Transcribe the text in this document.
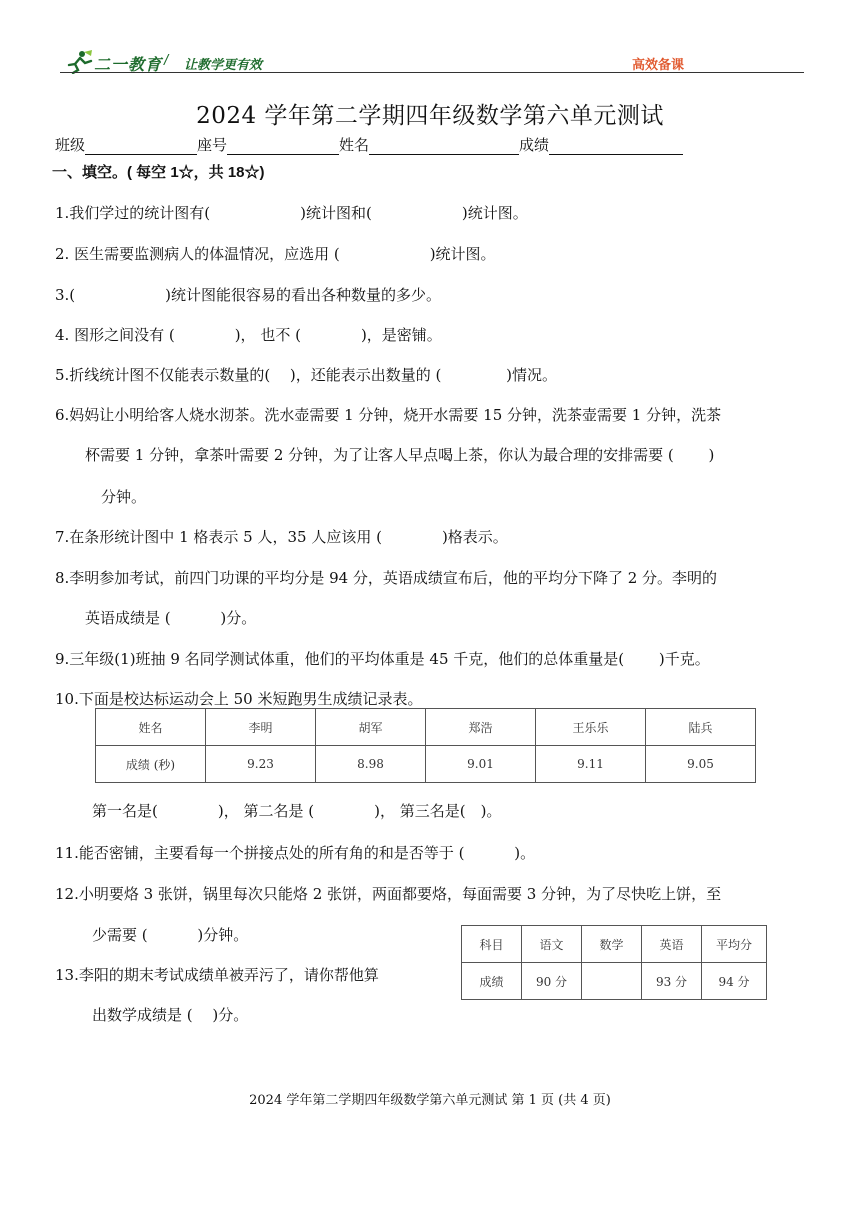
二一教育 / 让教学更有效	高效备课
2024 学年第二学期四年级数学第六单元测试
班级	座号	姓名	成绩
一、填空。( 每空 1☆，共 18☆)
1.我们学过的统计图有(　　　　　　)统计图和(　　　　　　)统计图。
2. 医生需要监测病人的体温情况，应选用 (　　　　　　)统计图。
3.(　　　　　　)统计图能很容易的看出各种数量的多少。
4. 图形之间没有 (　　　　)， 也不 (　　　　)，是密铺。
5.折线统计图不仅能表示数量的(　 )，还能表示出数量的 (　　　　 )情况。
6.妈妈让小明给客人烧水沏茶。洗水壶需要 1 分钟，烧开水需要 15 分钟，洗茶壶需要 1 分钟，洗茶
杯需要 1 分钟，拿茶叶需要 2 分钟，为了让客人早点喝上茶，你认为最合理的安排需要 (　　 )
分钟。
7.在条形统计图中 1 格表示 5 人，35 人应该用 (　　　　)格表示。
8.李明参加考试，前四门功课的平均分是 94 分，英语成绩宣布后，他的平均分下降了 2 分。李明的
英语成绩是 (　　　 )分。
9.三年级(1)班抽 9 名同学测试体重，他们的平均体重是 45 千克，他们的总体重量是(　　 )千克。
10.下面是校达标运动会上 50 米短跑男生成绩记录表。
姓名	李明	胡军	郑浩	王乐乐	陆兵
成绩 (秒)	9.23	8.98	9.01	9.11	9.05
第一名是(　　　　)， 第二名是 (　　　　)， 第三名是(　)。
11.能否密铺，主要看每一个拼接点处的所有角的和是否等于 (　　　 )。
12.小明要烙 3 张饼，锅里每次只能烙 2 张饼，两面都要烙，每面需要 3 分钟，为了尽快吃上饼，至
少需要 (　　　 )分钟。
科目	语文	数学	英语	平均分
成绩	90 分		93 分	94 分
13.李阳的期末考试成绩单被弄污了，请你帮他算
出数学成绩是 (　 )分。
2024 学年第二学期四年级数学第六单元测试 第 1 页 (共 4 页)
